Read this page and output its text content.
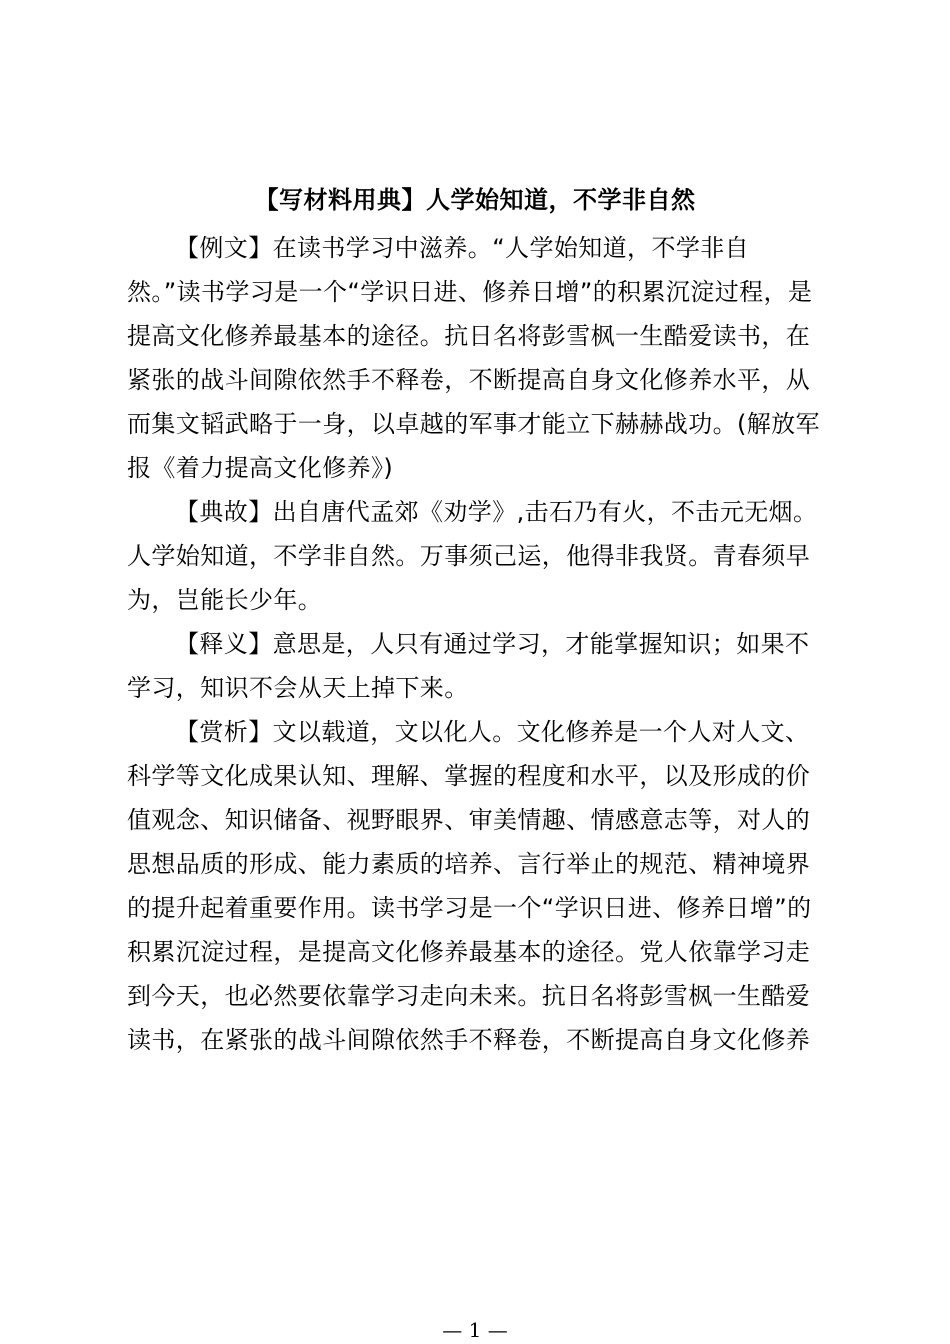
【写材料用典】人学始知道，不学非自然

【例文】在读书学习中滋养。“人学始知道，不学非自然。”读书学习是一个“学识日进、修养日增”的积累沉淀过程，是提高文化修养最基本的途径。抗日名将彭雪枫一生酷爱读书，在紧张的战斗间隙依然手不释卷，不断提高自身文化修养水平，从而集文韬武略于一身，以卓越的军事才能立下赫赫战功。(解放军报《着力提高文化修养》)

【典故】出自唐代孟郊《劝学》,击石乃有火，不击元无烟。人学始知道，不学非自然。万事须己运，他得非我贤。青春须早为，岂能长少年。

【释义】意思是，人只有通过学习，才能掌握知识；如果不学习，知识不会从天上掉下来。

【赏析】文以载道，文以化人。文化修养是一个人对人文、科学等文化成果认知、理解、掌握的程度和水平，以及形成的价值观念、知识储备、视野眼界、审美情趣、情感意志等，对人的思想品质的形成、能力素质的培养、言行举止的规范、精神境界的提升起着重要作用。读书学习是一个“学识日进、修养日增”的积累沉淀过程，是提高文化修养最基本的途径。党人依靠学习走到今天，也必然要依靠学习走向未来。抗日名将彭雪枫一生酷爱读书，在紧张的战斗间隙依然手不释卷，不断提高自身文化修养

— 1 —
